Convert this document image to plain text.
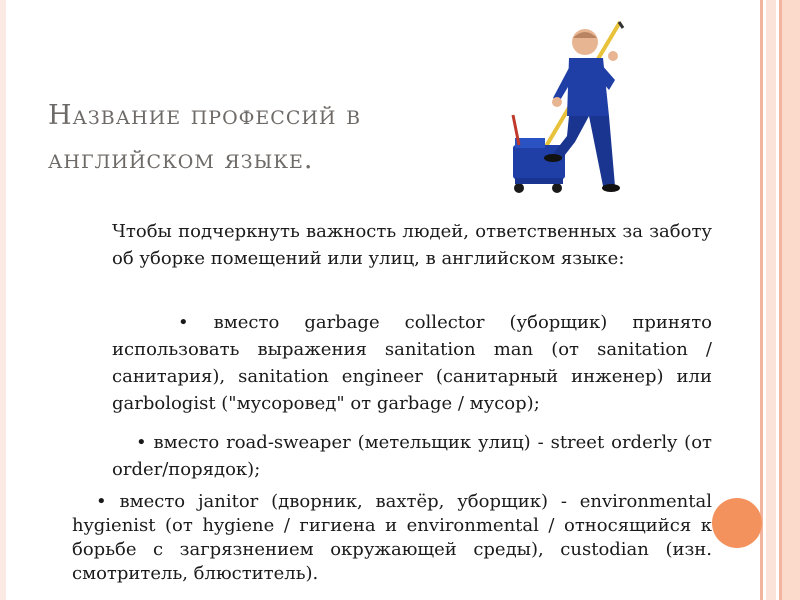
Название профессий в
английском языке.
Чтобы подчеркнуть важность людей, ответственных за заботу об уборке помещений или улиц, в английском языке:
• вместо garbage collector (уборщик) принято использовать выражения sanitation man (от sanitation / санитария), sanitation engineer (санитарный инженер) или garbologist ("мусоровед" от garbage / мусор);
• вместо road-sweaper (метельщик улиц) - street orderly (от order/порядок);
• вместо janitor (дворник, вахтёр, уборщик) - environmental hygienist (от hygiene / гигиена и environmental / относящийся к борьбе с загрязнением окружающей среды), custodian (изн. смотритель, блюститель).
